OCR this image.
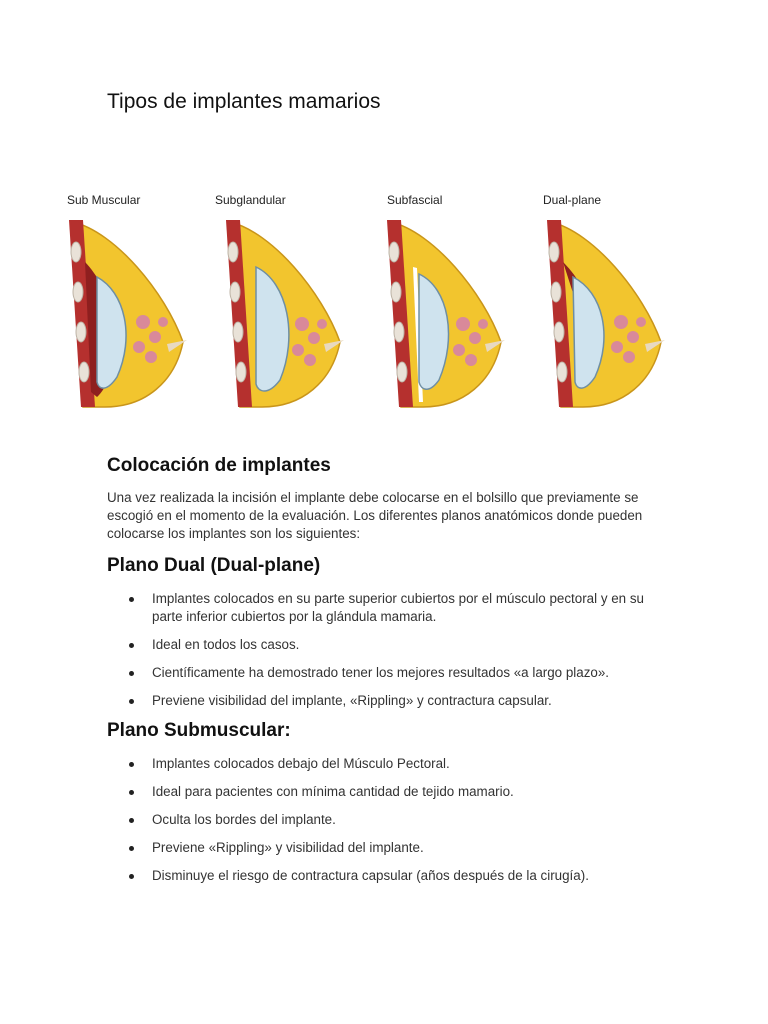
Tipos de implantes mamarios
Sub Muscular	Subglandular	Subfascial	Dual-plane
Colocación de implantes

Una vez realizada la incisión el implante debe colocarse en el bolsillo que previamente se escogió en el momento de la evaluación. Los diferentes planos anatómicos donde pueden colocarse los implantes son los siguientes:

Plano Dual (Dual-plane)
Implantes colocados en su parte superior cubiertos por el músculo pectoral y en su parte inferior cubiertos por la glándula mamaria.
Ideal en todos los casos.
Científicamente ha demostrado tener los mejores resultados «a largo plazo».
Previene visibilidad del implante, «Rippling» y contractura capsular.
Plano Submuscular:
Implantes colocados debajo del Músculo Pectoral.
Ideal para pacientes con mínima cantidad de tejido mamario.
Oculta los bordes del implante.
Previene «Rippling» y visibilidad del implante.
Disminuye el riesgo de contractura capsular (años después de la cirugía).
